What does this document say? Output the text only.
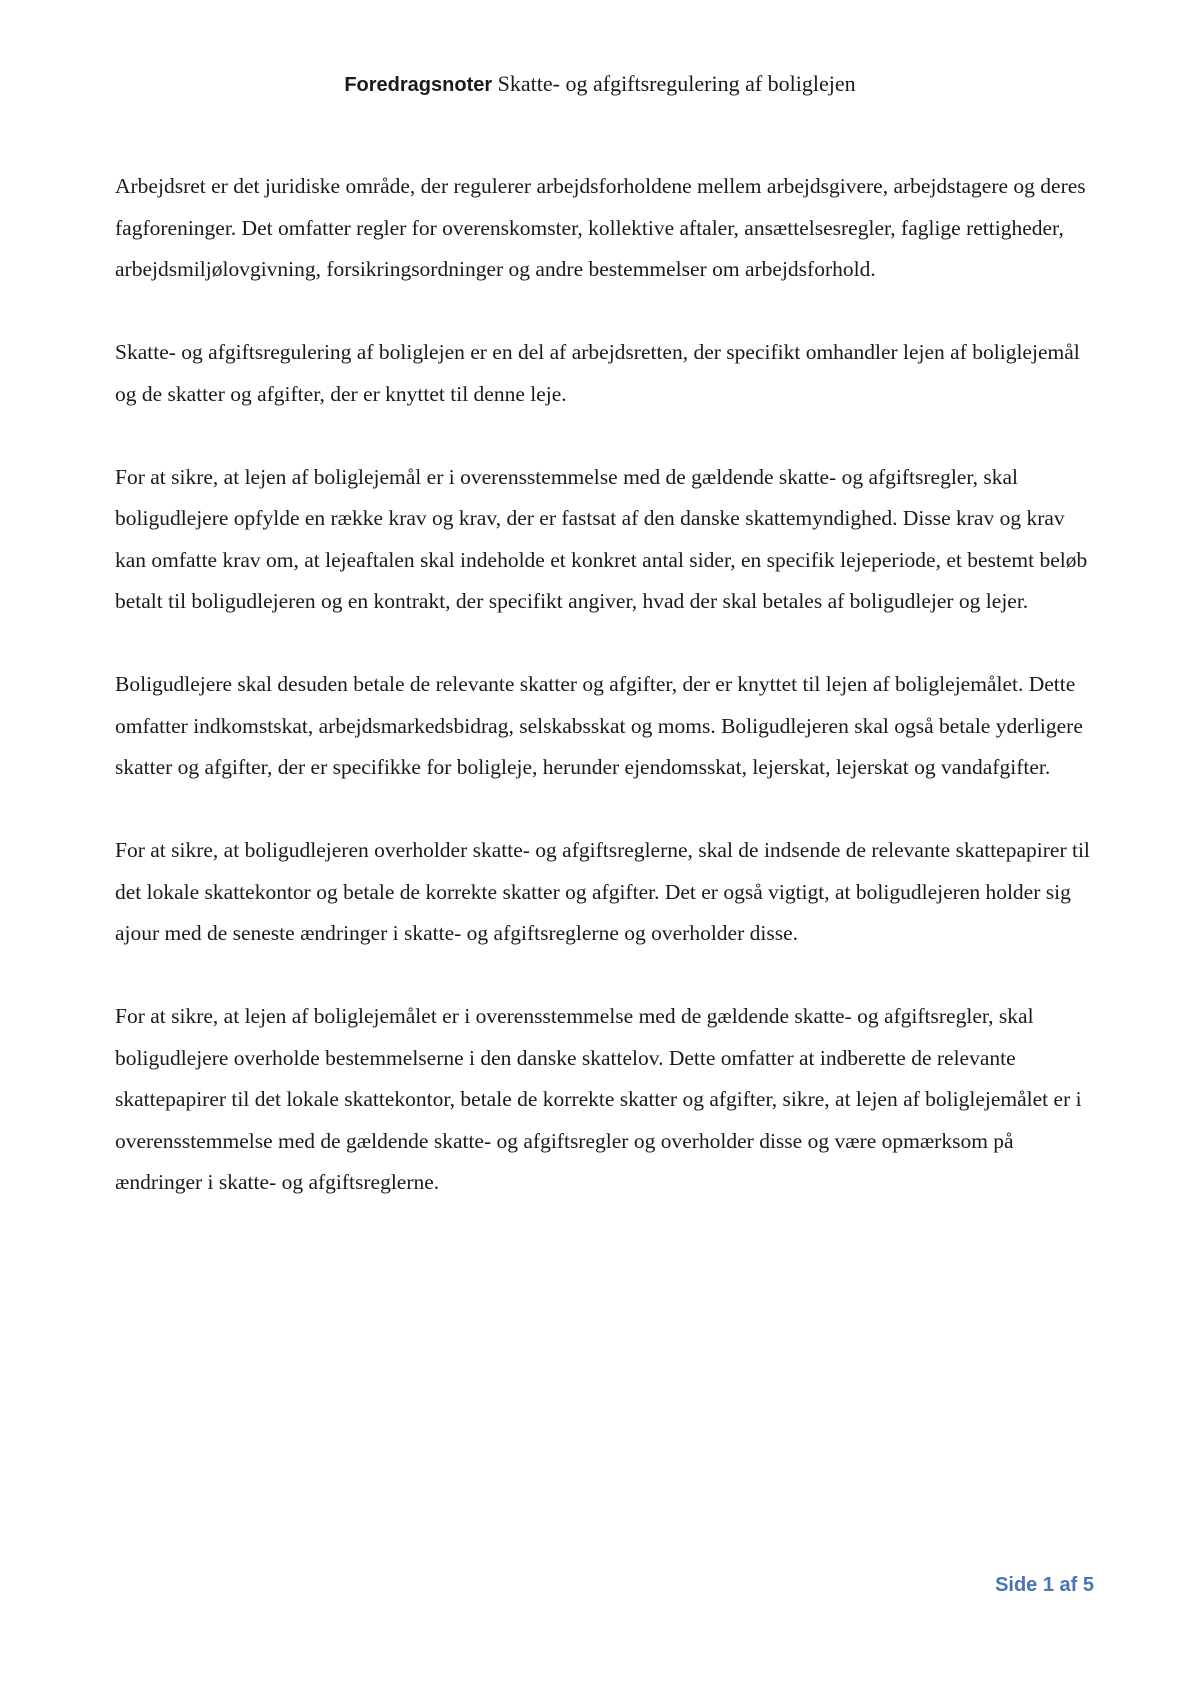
Foredragsnoter Skatte- og afgiftsregulering af boliglejen

Arbejdsret er det juridiske område, der regulerer arbejdsforholdene mellem arbejdsgivere, arbejdstagere og deres fagforeninger. Det omfatter regler for overenskomster, kollektive aftaler, ansættelsesregler, faglige rettigheder, arbejdsmiljølovgivning, forsikringsordninger og andre bestemmelser om arbejdsforhold.

Skatte- og afgiftsregulering af boliglejen er en del af arbejdsretten, der specifikt omhandler lejen af boliglejemål og de skatter og afgifter, der er knyttet til denne leje.

For at sikre, at lejen af boliglejemål er i overensstemmelse med de gældende skatte- og afgiftsregler, skal boligudlejere opfylde en række krav og krav, der er fastsat af den danske skattemyndighed. Disse krav og krav kan omfatte krav om, at lejeaftalen skal indeholde et konkret antal sider, en specifik lejeperiode, et bestemt beløb betalt til boligudlejeren og en kontrakt, der specifikt angiver, hvad der skal betales af boligudlejer og lejer.

Boligudlejere skal desuden betale de relevante skatter og afgifter, der er knyttet til lejen af boliglejemålet. Dette omfatter indkomstskat, arbejdsmarkedsbidrag, selskabsskat og moms. Boligudlejeren skal også betale yderligere skatter og afgifter, der er specifikke for boligleje, herunder ejendomsskat, lejerskat, lejerskat og vandafgifter.

For at sikre, at boligudlejeren overholder skatte- og afgiftsreglerne, skal de indsende de relevante skattepapirer til det lokale skattekontor og betale de korrekte skatter og afgifter. Det er også vigtigt, at boligudlejeren holder sig ajour med de seneste ændringer i skatte- og afgiftsreglerne og overholder disse.

For at sikre, at lejen af boliglejemålet er i overensstemmelse med de gældende skatte- og afgiftsregler, skal boligudlejere overholde bestemmelserne i den danske skattelov. Dette omfatter at indberette de relevante skattepapirer til det lokale skattekontor, betale de korrekte skatter og afgifter, sikre, at lejen af boliglejemålet er i overensstemmelse med de gældende skatte- og afgiftsregler og overholder disse og være opmærksom på ændringer i skatte- og afgiftsreglerne.

Side 1 af 5
